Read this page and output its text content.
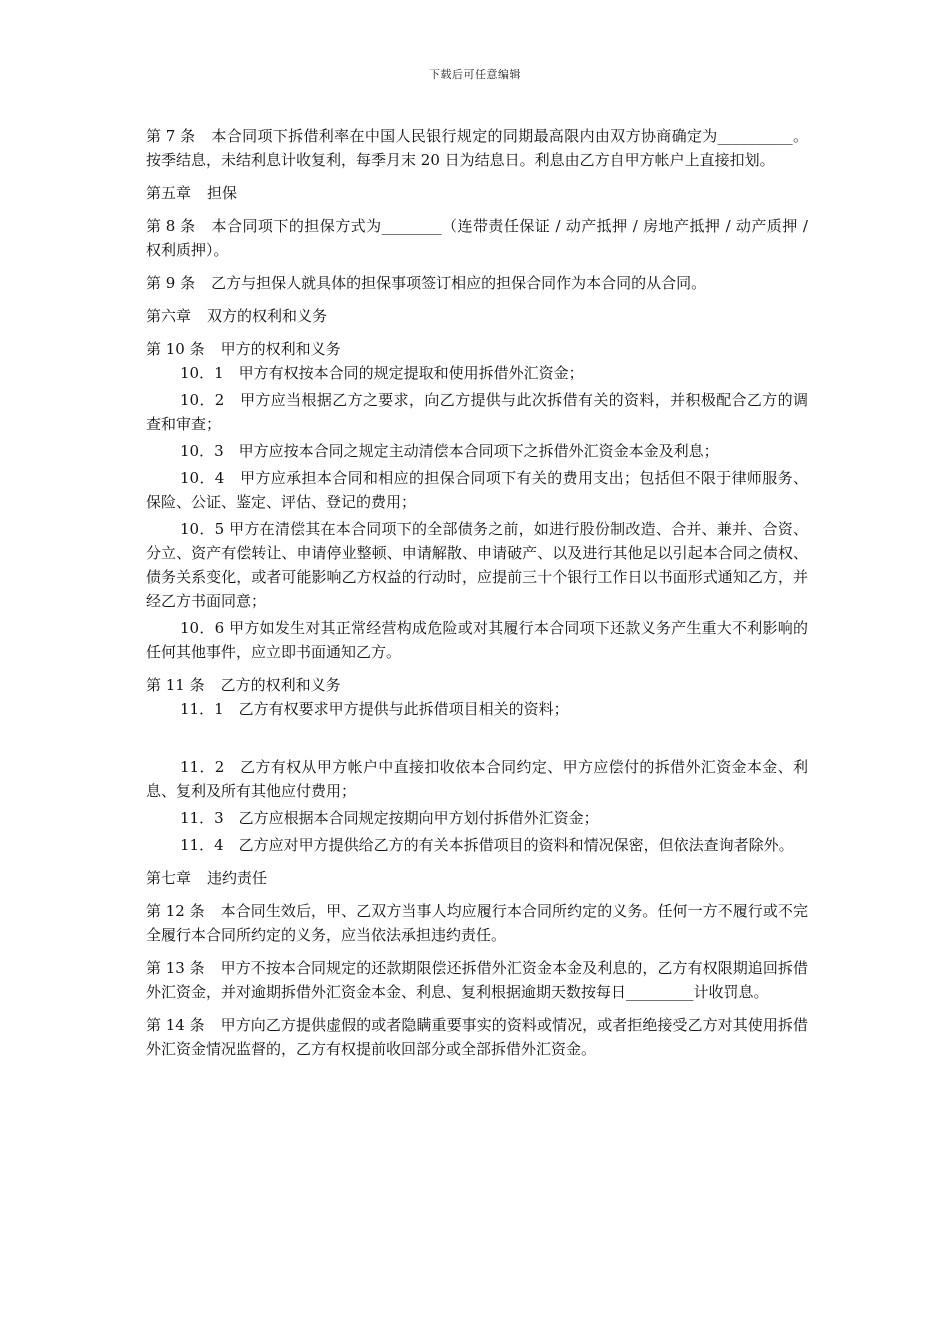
下载后可任意编辑

第 7 条 本合同项下拆借利率在中国人民银行规定的同期最高限内由双方协商确定为__________。按季结息，未结利息计收复利，每季月末 20 日为结息日。利息由乙方自甲方帐户上直接扣划。

第五章 担保

第 8 条 本合同项下的担保方式为________（连带责任保证 / 动产抵押 / 房地产抵押 / 动产质押 / 权利质押）。

第 9 条 乙方与担保人就具体的担保事项签订相应的担保合同作为本合同的从合同。

第六章 双方的权利和义务

第 10 条 甲方的权利和义务

10．1　甲方有权按本合同的规定提取和使用拆借外汇资金；

10．2　甲方应当根据乙方之要求，向乙方提供与此次拆借有关的资料，并积极配合乙方的调查和审查；

10．3　甲方应按本合同之规定主动清偿本合同项下之拆借外汇资金本金及利息；

10．4　甲方应承担本合同和相应的担保合同项下有关的费用支出；包括但不限于律师服务、保险、公证、鉴定、评估、登记的费用；

10．5 甲方在清偿其在本合同项下的全部债务之前，如进行股份制改造、合并、兼并、合资、分立、资产有偿转让、申请停业整顿、申请解散、申请破产、以及进行其他足以引起本合同之债权、债务关系变化，或者可能影响乙方权益的行动时，应提前三十个银行工作日以书面形式通知乙方，并经乙方书面同意；

10．6 甲方如发生对其正常经营构成危险或对其履行本合同项下还款义务产生重大不利影响的任何其他事件，应立即书面通知乙方。

第 11 条 乙方的权利和义务

11．1　乙方有权要求甲方提供与此拆借项目相关的资料；

11．2　乙方有权从甲方帐户中直接扣收依本合同约定、甲方应偿付的拆借外汇资金本金、利息、复利及所有其他应付费用；

11．3　乙方应根据本合同规定按期向甲方划付拆借外汇资金；

11．4　乙方应对甲方提供给乙方的有关本拆借项目的资料和情况保密，但依法查询者除外。

第七章 违约责任

第 12 条 本合同生效后，甲、乙双方当事人均应履行本合同所约定的义务。任何一方不履行或不完全履行本合同所约定的义务，应当依法承担违约责任。

第 13 条 甲方不按本合同规定的还款期限偿还拆借外汇资金本金及利息的，乙方有权限期追回拆借外汇资金，并对逾期拆借外汇资金本金、利息、复利根据逾期天数按每日_________计收罚息。

第 14 条 甲方向乙方提供虚假的或者隐瞒重要事实的资料或情况，或者拒绝接受乙方对其使用拆借外汇资金情况监督的，乙方有权提前收回部分或全部拆借外汇资金。
